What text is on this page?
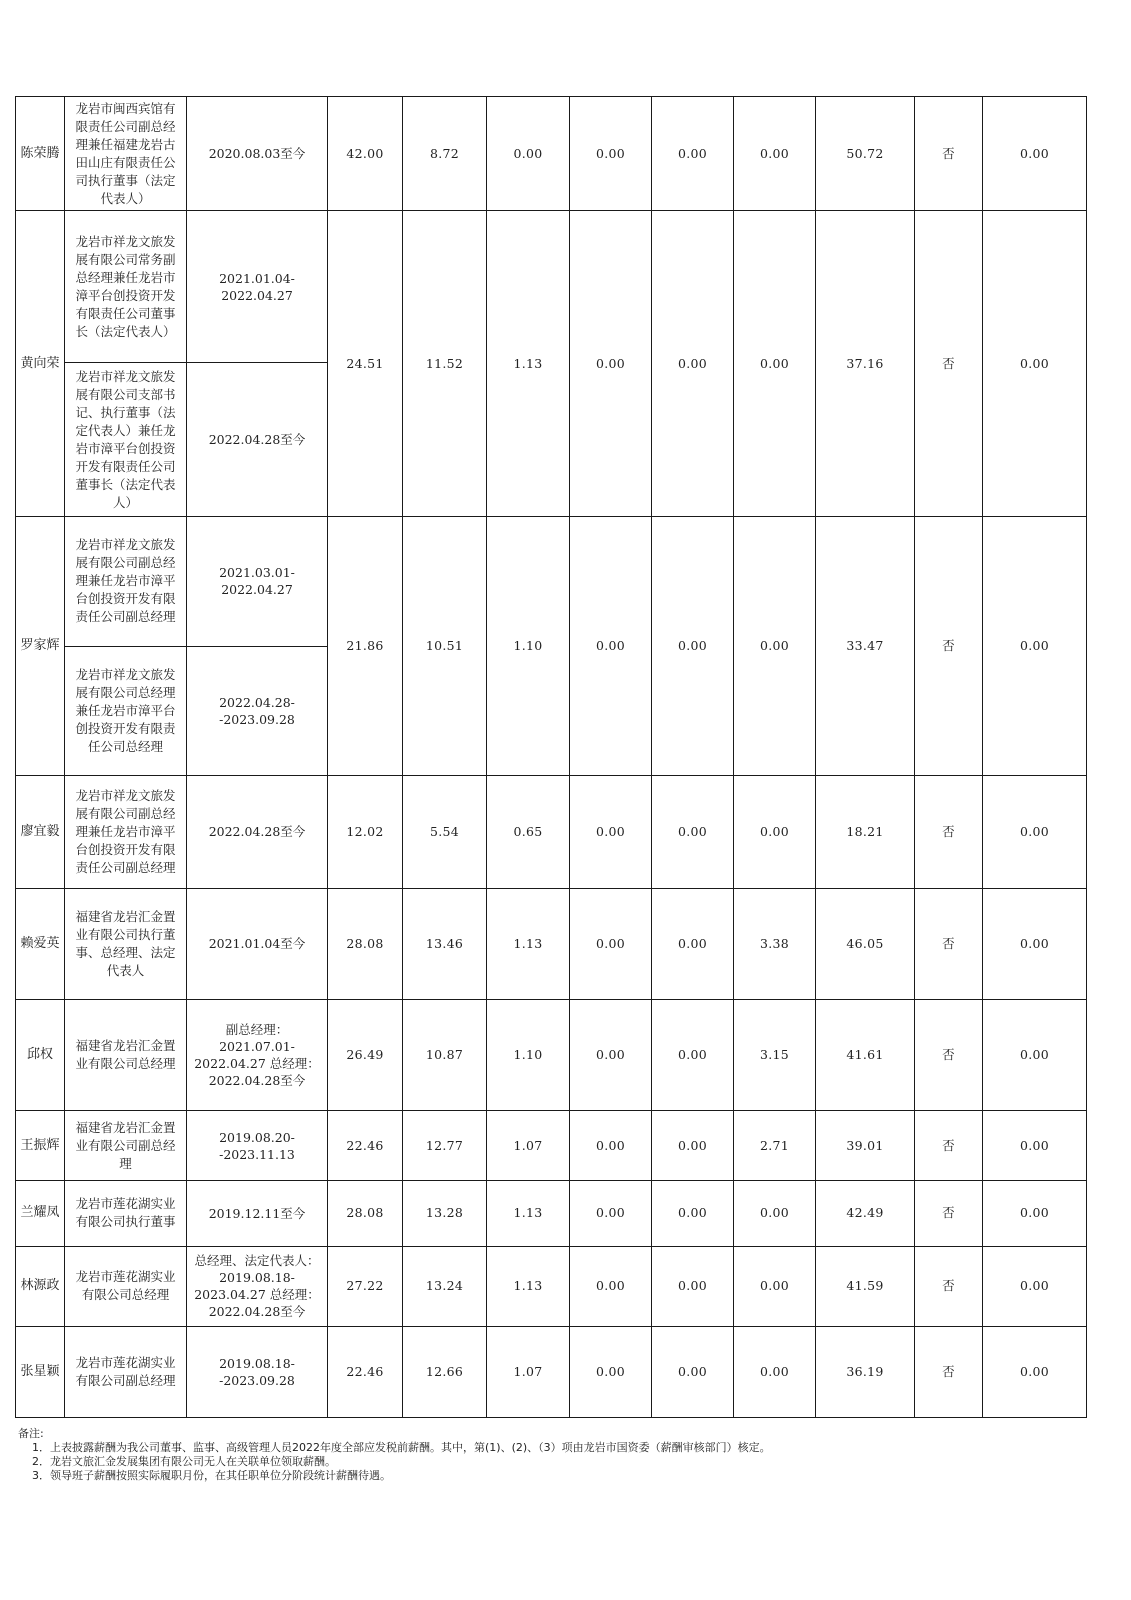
陈荣腾	龙岩市闽西宾馆有限责任公司副总经理兼任福建龙岩古田山庄有限责任公司执行董事（法定代表人）	2020.08.03至今	42.00	8.72	0.00	0.00	0.00	0.00	50.72	否	0.00
黄向荣	龙岩市祥龙文旅发展有限公司常务副总经理兼任龙岩市漳平台创投资开发有限责任公司董事长（法定代表人）	2021.01.04-2022.04.27	24.51	11.52	1.13	0.00	0.00	0.00	37.16	否	0.00
	龙岩市祥龙文旅发展有限公司支部书记、执行董事（法定代表人）兼任龙岩市漳平台创投资开发有限责任公司董事长（法定代表人）	2022.04.28至今									
罗家辉	龙岩市祥龙文旅发展有限公司副总经理兼任龙岩市漳平台创投资开发有限责任公司副总经理	2021.03.01-2022.04.27	21.86	10.51	1.10	0.00	0.00	0.00	33.47	否	0.00
	龙岩市祥龙文旅发展有限公司总经理兼任龙岩市漳平台创投资开发有限责任公司总经理	2022.04.28--2023.09.28									
廖宜毅	龙岩市祥龙文旅发展有限公司副总经理兼任龙岩市漳平台创投资开发有限责任公司副总经理	2022.04.28至今	12.02	5.54	0.65	0.00	0.00	0.00	18.21	否	0.00
赖爱英	福建省龙岩汇金置业有限公司执行董事、总经理、法定代表人	2021.01.04至今	28.08	13.46	1.13	0.00	0.00	3.38	46.05	否	0.00
邱权	福建省龙岩汇金置业有限公司总经理	副总经理：2021.07.01-2022.04.27 总经理：2022.04.28至今	26.49	10.87	1.10	0.00	0.00	3.15	41.61	否	0.00
王振辉	福建省龙岩汇金置业有限公司副总经理	2019.08.20--2023.11.13	22.46	12.77	1.07	0.00	0.00	2.71	39.01	否	0.00
兰耀凤	龙岩市莲花湖实业有限公司执行董事	2019.12.11至今	28.08	13.28	1.13	0.00	0.00	0.00	42.49	否	0.00
林源政	龙岩市莲花湖实业有限公司总经理	总经理、法定代表人：2019.08.18-2023.04.27 总经理：2022.04.28至今	27.22	13.24	1.13	0.00	0.00	0.00	41.59	否	0.00
张星颖	龙岩市莲花湖实业有限公司副总经理	2019.08.18--2023.09.28	22.46	12.66	1.07	0.00	0.00	0.00	36.19	否	0.00
备注:
1．上表披露薪酬为我公司董事、监事、高级管理人员2022年度全部应发税前薪酬。其中，第(1)、(2)、（3）项由龙岩市国资委（薪酬审核部门）核定。
2．龙岩文旅汇金发展集团有限公司无人在关联单位领取薪酬。
3．领导班子薪酬按照实际履职月份，在其任职单位分阶段统计薪酬待遇。
